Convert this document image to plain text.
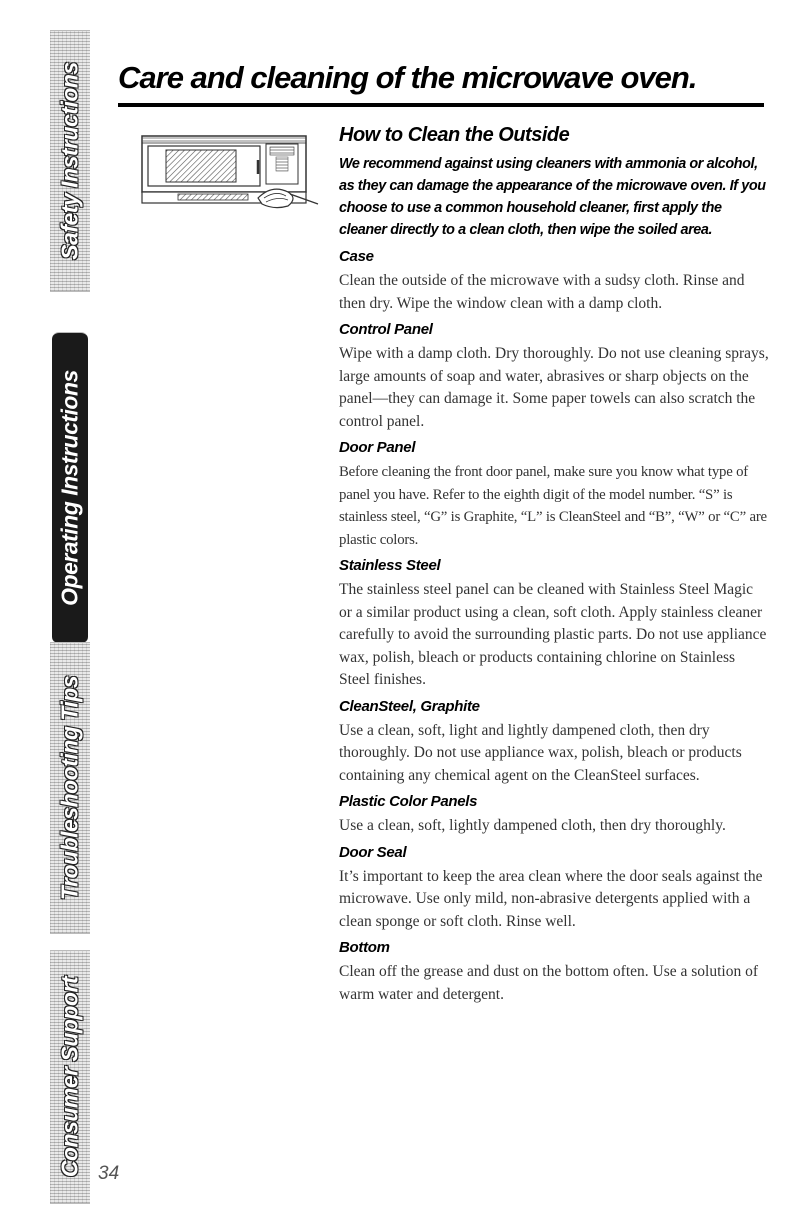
Safety Instructions
Operating Instructions
Troubleshooting Tips
Consumer Support
Care and cleaning of the microwave oven.
How to Clean the Outside

We recommend against using cleaners with ammonia or alcohol, as they can damage the appearance of the microwave oven. If you choose to use a common household cleaner, first apply the cleaner directly to a clean cloth, then wipe the soiled area.

Case

Clean the outside of the microwave with a sudsy cloth. Rinse and then dry. Wipe the window clean with a damp cloth.

Control Panel

Wipe with a damp cloth. Dry thoroughly. Do not use cleaning sprays, large amounts of soap and water, abrasives or sharp objects on the panel—they can damage it. Some paper towels can also scratch the control panel.

Door Panel

Before cleaning the front door panel, make sure you know what type of panel you have. Refer to the eighth digit of the model number. “S” is stainless steel, “G” is Graphite, “L” is CleanSteel and “B”, “W” or “C” are plastic colors.

Stainless Steel

The stainless steel panel can be cleaned with Stainless Steel Magic or a similar product using a clean, soft cloth. Apply stainless cleaner carefully to avoid the surrounding plastic parts. Do not use appliance wax, polish, bleach or products containing chlorine on Stainless Steel finishes.

CleanSteel, Graphite

Use a clean, soft, light and lightly dampened cloth, then dry thoroughly. Do not use appliance wax, polish, bleach or products containing any chemical agent on the CleanSteel surfaces.

Plastic Color Panels

Use a clean, soft, lightly dampened cloth, then dry thoroughly.

Door Seal

It’s important to keep the area clean where the door seals against the microwave. Use only mild, non-abrasive detergents applied with a clean sponge or soft cloth. Rinse well.

Bottom

Clean off the grease and dust on the bottom often. Use a solution of warm water and detergent.

34
